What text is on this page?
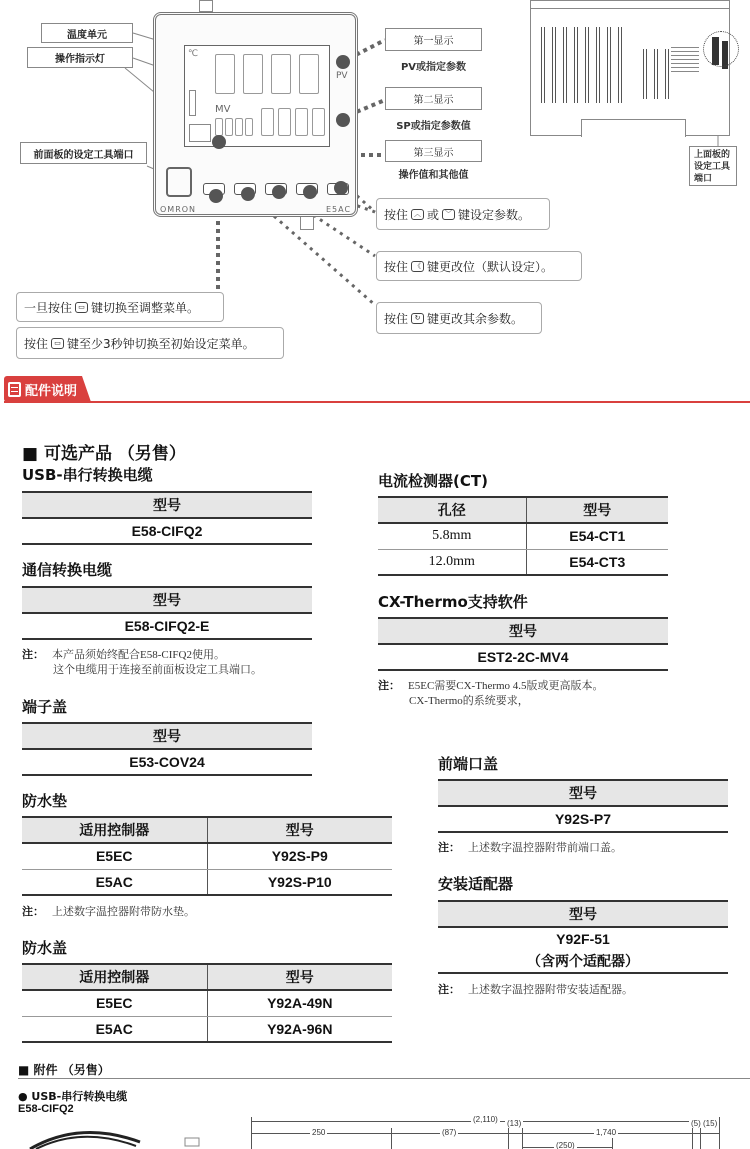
温度单元
操作指示灯
前面板的设定工具端口
℃
MV
PV
OMRON	E5AC
第一显示
PV或指定参数
第二显示
SP或指定参数值
第三显示
操作值和其他值
上面板的
设定工具
端口
按住 ︿ 或 ﹀ 键设定参数。
按住 《 键更改位（默认设定）。
按住 ↻ 键更改其余参数。
一旦按住 ▭ 键切换至调整菜单。
按住 ▭ 键至少3秒钟切换至初始设定菜单。
配件说明
■ 可选产品 （另售）
USB-串行转换电缆
型号
E58-CIFQ2
通信转换电缆
型号
E58-CIFQ2-E
注： 本产品须始终配合E58-CIFQ2使用。
这个电缆用于连接至前面板设定工具端口。
端子盖
型号
E53-COV24
防水垫
适用控制器	型号
E5EC	Y92S-P9
E5AC	Y92S-P10
注： 上述数字温控器附带防水垫。
防水盖
适用控制器	型号
E5EC	Y92A-49N
E5AC	Y92A-96N
电流检测器(CT)
孔径	型号
5.8mm	E54-CT1
12.0mm	E54-CT3
CX-Thermo支持软件
型号
EST2-2C-MV4
注： E5EC需要CX-Thermo 4.5版或更高版本。
CX-Thermo的系统要求，
前端口盖
型号
Y92S-P7
注： 上述数字温控器附带前端口盖。
安装适配器
型号
Y92F-51
（含两个适配器）
注： 上述数字温控器附带安装适配器。
■ 附件 （另售）
● USB-串行转换电缆
E58-CIFQ2
(2,110)
250	(87)
(13)
1,740
(5) (15)
(250)
